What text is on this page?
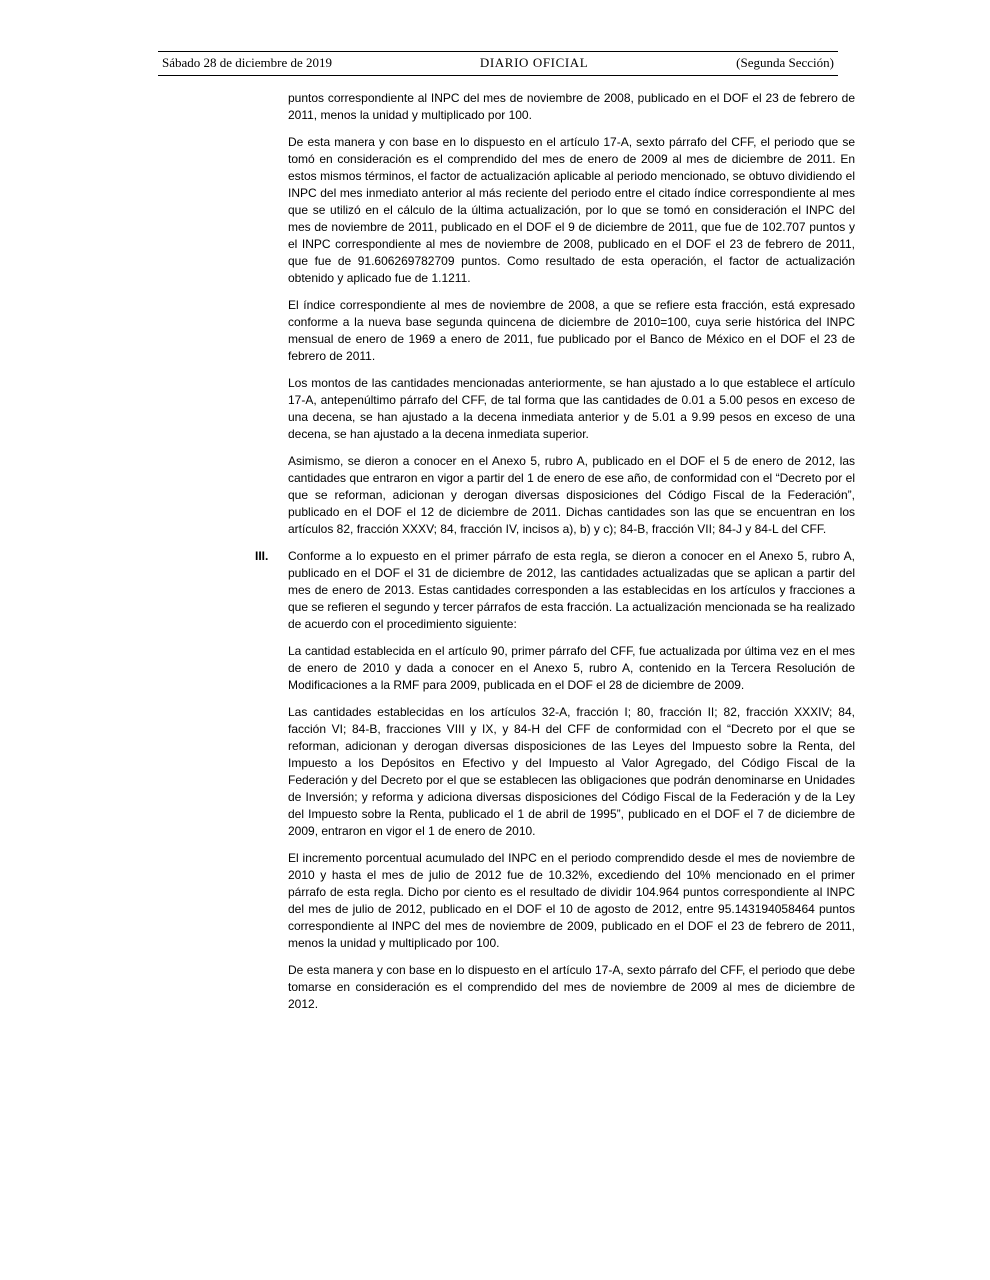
Sábado 28 de diciembre de 2019	DIARIO OFICIAL	(Segunda Sección)

puntos correspondiente al INPC del mes de noviembre de 2008, publicado en el DOF el 23 de febrero de 2011, menos la unidad y multiplicado por 100.

De esta manera y con base en lo dispuesto en el artículo 17-A, sexto párrafo del CFF, el periodo que se tomó en consideración es el comprendido del mes de enero de 2009 al mes de diciembre de 2011. En estos mismos términos, el factor de actualización aplicable al periodo mencionado, se obtuvo dividiendo el INPC del mes inmediato anterior al más reciente del periodo entre el citado índice correspondiente al mes que se utilizó en el cálculo de la última actualización, por lo que se tomó en consideración el INPC del mes de noviembre de 2011, publicado en el DOF el 9 de diciembre de 2011, que fue de 102.707 puntos y el INPC correspondiente al mes de noviembre de 2008, publicado en el DOF el 23 de febrero de 2011, que fue de 91.606269782709 puntos. Como resultado de esta operación, el factor de actualización obtenido y aplicado fue de 1.1211.

El índice correspondiente al mes de noviembre de 2008, a que se refiere esta fracción, está expresado conforme a la nueva base segunda quincena de diciembre de 2010=100, cuya serie histórica del INPC mensual de enero de 1969 a enero de 2011, fue publicado por el Banco de México en el DOF el 23 de febrero de 2011.

Los montos de las cantidades mencionadas anteriormente, se han ajustado a lo que establece el artículo 17-A, antepenúltimo párrafo del CFF, de tal forma que las cantidades de 0.01 a 5.00 pesos en exceso de una decena, se han ajustado a la decena inmediata anterior y de 5.01 a 9.99 pesos en exceso de una decena, se han ajustado a la decena inmediata superior.

Asimismo, se dieron a conocer en el Anexo 5, rubro A, publicado en el DOF el 5 de enero de 2012, las cantidades que entraron en vigor a partir del 1 de enero de ese año, de conformidad con el “Decreto por el que se reforman, adicionan y derogan diversas disposiciones del Código Fiscal de la Federación”, publicado en el DOF el 12 de diciembre de 2011. Dichas cantidades son las que se encuentran en los artículos 82, fracción XXXV; 84, fracción IV, incisos a), b) y c); 84-B, fracción VII; 84-J y 84-L del CFF.

III. Conforme a lo expuesto en el primer párrafo de esta regla, se dieron a conocer en el Anexo 5, rubro A, publicado en el DOF el 31 de diciembre de 2012, las cantidades actualizadas que se aplican a partir del mes de enero de 2013. Estas cantidades corresponden a las establecidas en los artículos y fracciones a que se refieren el segundo y tercer párrafos de esta fracción. La actualización mencionada se ha realizado de acuerdo con el procedimiento siguiente:

La cantidad establecida en el artículo 90, primer párrafo del CFF, fue actualizada por última vez en el mes de enero de 2010 y dada a conocer en el Anexo 5, rubro A, contenido en la Tercera Resolución de Modificaciones a la RMF para 2009, publicada en el DOF el 28 de diciembre de 2009.

Las cantidades establecidas en los artículos 32-A, fracción I; 80, fracción II; 82, fracción XXXIV; 84, facción VI; 84-B, fracciones VIII y IX, y 84-H del CFF de conformidad con el “Decreto por el que se reforman, adicionan y derogan diversas disposiciones de las Leyes del Impuesto sobre la Renta, del Impuesto a los Depósitos en Efectivo y del Impuesto al Valor Agregado, del Código Fiscal de la Federación y del Decreto por el que se establecen las obligaciones que podrán denominarse en Unidades de Inversión; y reforma y adiciona diversas disposiciones del Código Fiscal de la Federación y de la Ley del Impuesto sobre la Renta, publicado el 1 de abril de 1995”, publicado en el DOF el 7 de diciembre de 2009, entraron en vigor el 1 de enero de 2010.

El incremento porcentual acumulado del INPC en el periodo comprendido desde el mes de noviembre de 2010 y hasta el mes de julio de 2012 fue de 10.32%, excediendo del 10% mencionado en el primer párrafo de esta regla. Dicho por ciento es el resultado de dividir 104.964 puntos correspondiente al INPC del mes de julio de 2012, publicado en el DOF el 10 de agosto de 2012, entre 95.143194058464 puntos correspondiente al INPC del mes de noviembre de 2009, publicado en el DOF el 23 de febrero de 2011, menos la unidad y multiplicado por 100.

De esta manera y con base en lo dispuesto en el artículo 17-A, sexto párrafo del CFF, el periodo que debe tomarse en consideración es el comprendido del mes de noviembre de 2009 al mes de diciembre de 2012.
